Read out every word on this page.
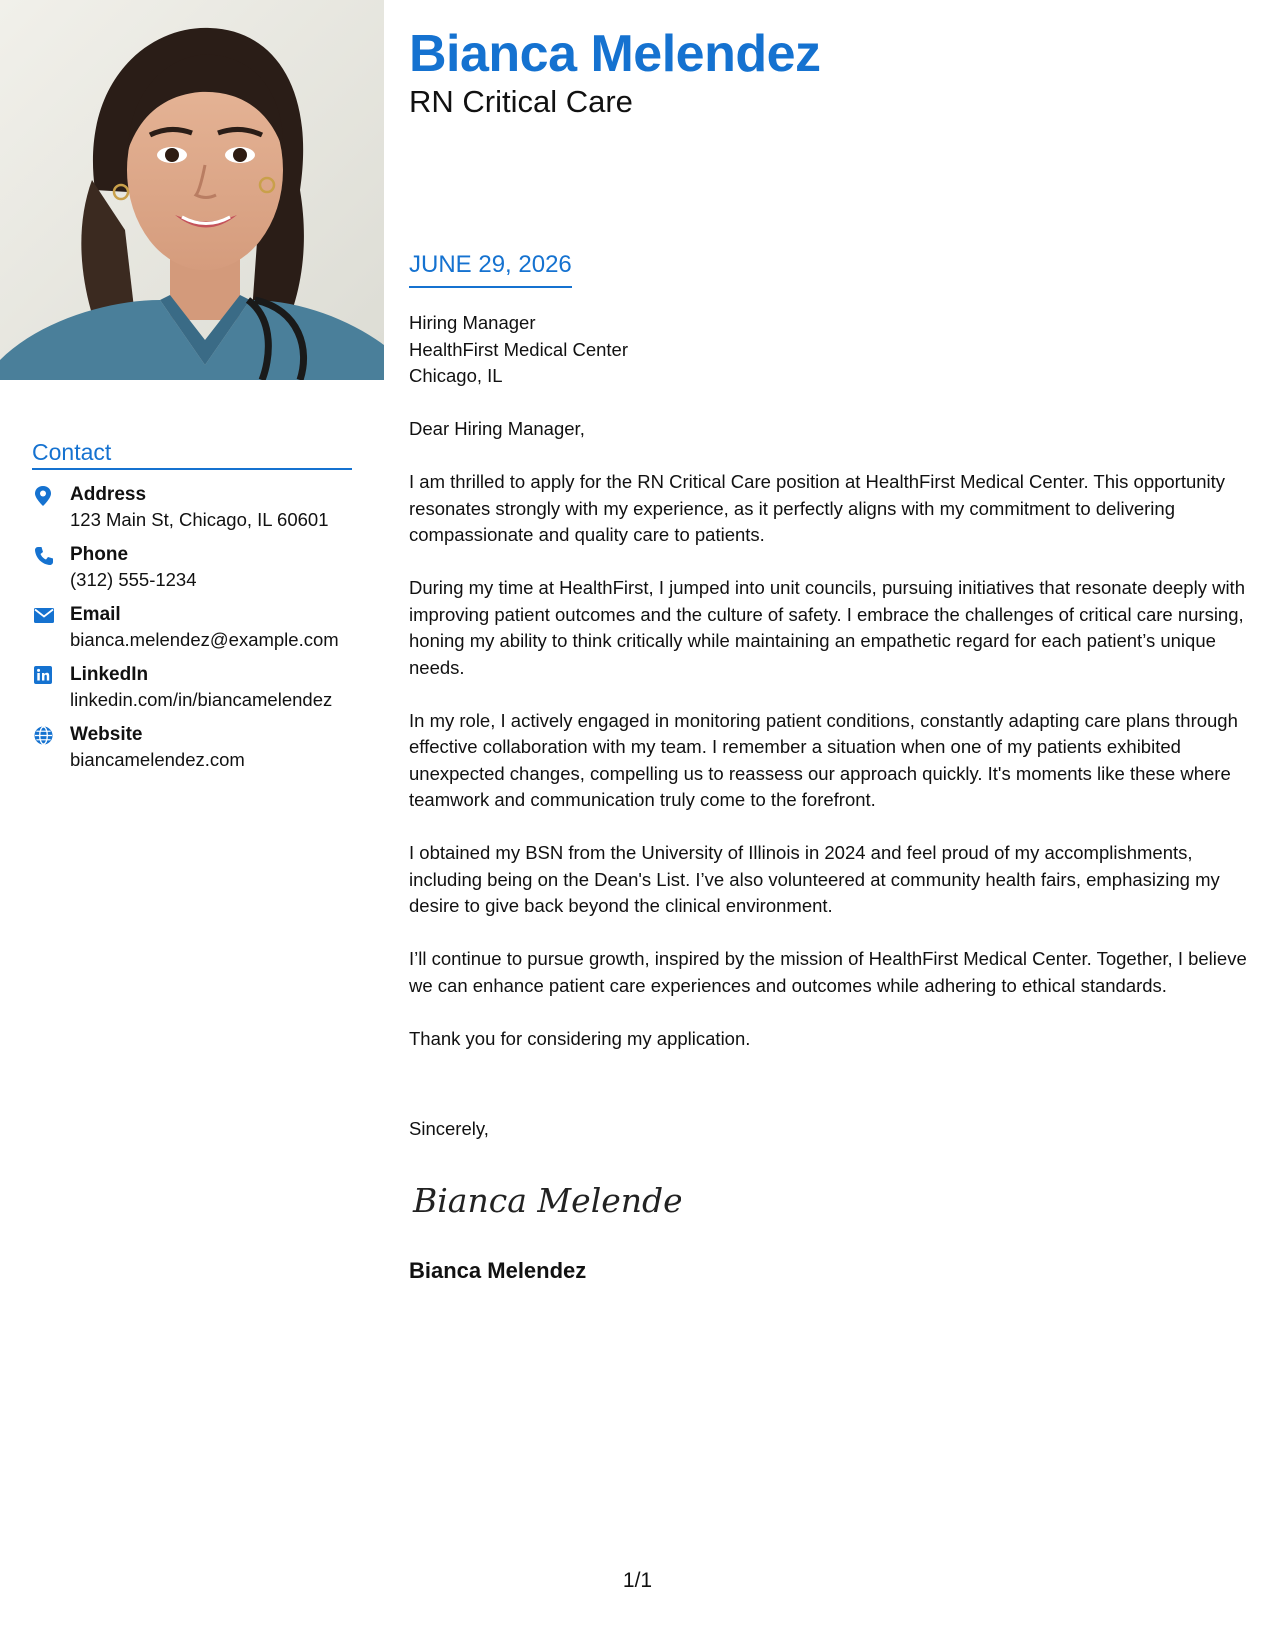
Contact
Address
123 Main St, Chicago, IL 60601
Phone
(312) 555-1234
Email
bianca.melendez@example.com
LinkedIn
linkedin.com/in/biancamelendez
Website
biancamelendez.com
Bianca Melendez
RN Critical Care
JUNE 29, 2026
Hiring Manager
HealthFirst Medical Center
Chicago, IL

Dear Hiring Manager,

I am thrilled to apply for the RN Critical Care position at HealthFirst Medical Center. This opportunity resonates strongly with my experience, as it perfectly aligns with my commitment to delivering compassionate and quality care to patients.

During my time at HealthFirst, I jumped into unit councils, pursuing initiatives that resonate deeply with improving patient outcomes and the culture of safety. I embrace the challenges of critical care nursing, honing my ability to think critically while maintaining an empathetic regard for each patient’s unique needs.

In my role, I actively engaged in monitoring patient conditions, constantly adapting care plans through effective collaboration with my team. I remember a situation when one of my patients exhibited unexpected changes, compelling us to reassess our approach quickly. It's moments like these where teamwork and communication truly come to the forefront.

I obtained my BSN from the University of Illinois in 2024 and feel proud of my accomplishments, including being on the Dean's List. I’ve also volunteered at community health fairs, emphasizing my desire to give back beyond the clinical environment.

I’ll continue to pursue growth, inspired by the mission of HealthFirst Medical Center. Together, I believe we can enhance patient care experiences and outcomes while adhering to ethical standards.

Thank you for considering my application.

Sincerely,
Bianca Melendez
Bianca Melendez
1/1
